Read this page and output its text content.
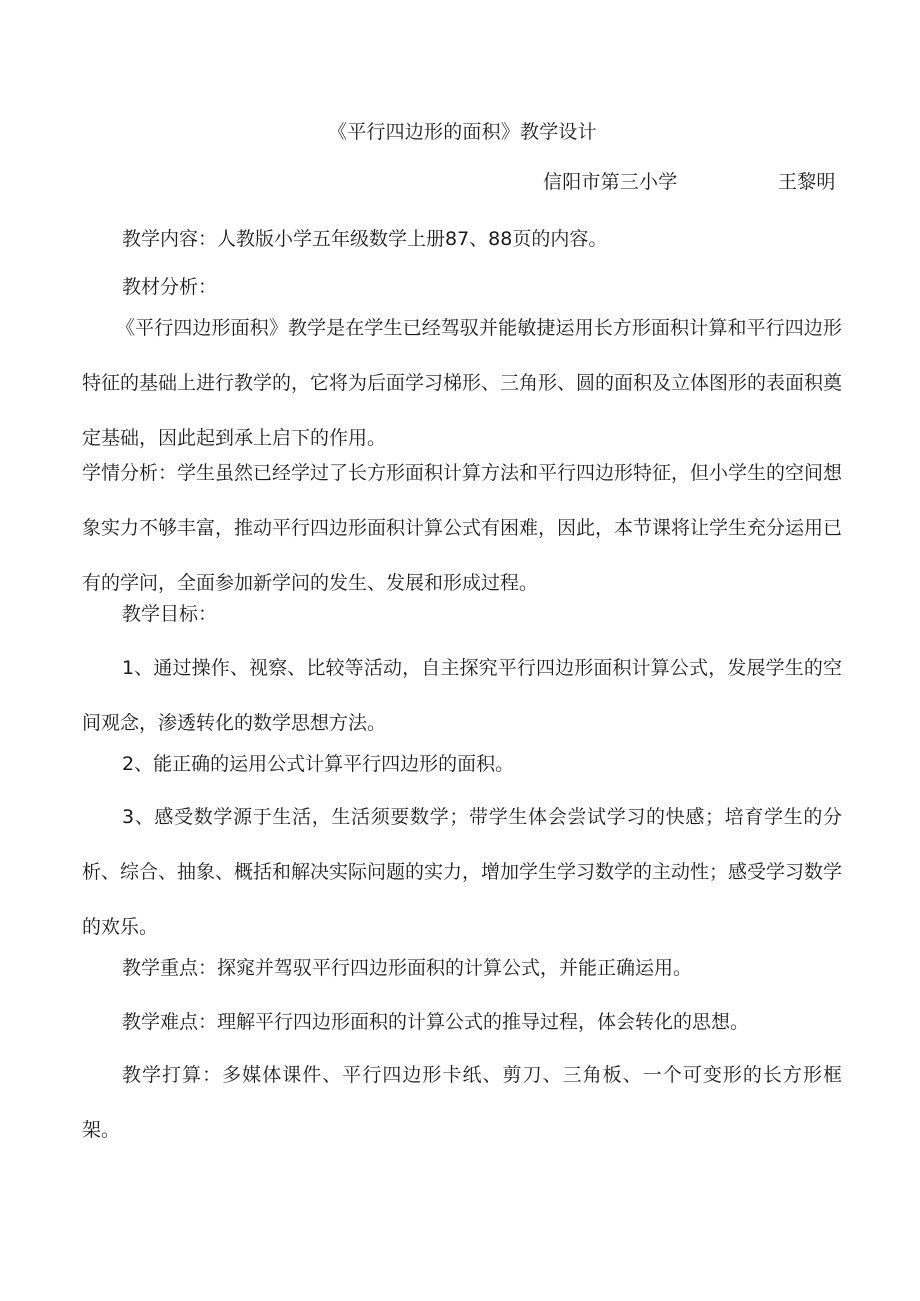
《平行四边形的面积》教学设计
信阳市第三小学	王黎明
教学内容：人教版小学五年级数学上册87、88页的内容。
教材分析：
《平行四边形面积》教学是在学生已经驾驭并能敏捷运用长方形面积计算和平行四边形特征的基础上进行教学的，它将为后面学习梯形、三角形、圆的面积及立体图形的表面积奠定基础，因此起到承上启下的作用。
学情分析：学生虽然已经学过了长方形面积计算方法和平行四边形特征，但小学生的空间想象实力不够丰富，推动平行四边形面积计算公式有困难，因此，本节课将让学生充分运用已有的学问，全面参加新学问的发生、发展和形成过程。
教学目标：
1、通过操作、视察、比较等活动，自主探究平行四边形面积计算公式，发展学生的空间观念，渗透转化的数学思想方法。
2、能正确的运用公式计算平行四边形的面积。
3、感受数学源于生活，生活须要数学；带学生体会尝试学习的快感；培育学生的分析、综合、抽象、概括和解决实际问题的实力，增加学生学习数学的主动性；感受学习数学的欢乐。
教学重点：探窕并驾驭平行四边形面积的计算公式，并能正确运用。
教学难点：理解平行四边形面积的计算公式的推导过程，体会转化的思想。
教学打算：多媒体课件、平行四边形卡纸、剪刀、三角板、一个可变形的长方形框架。
